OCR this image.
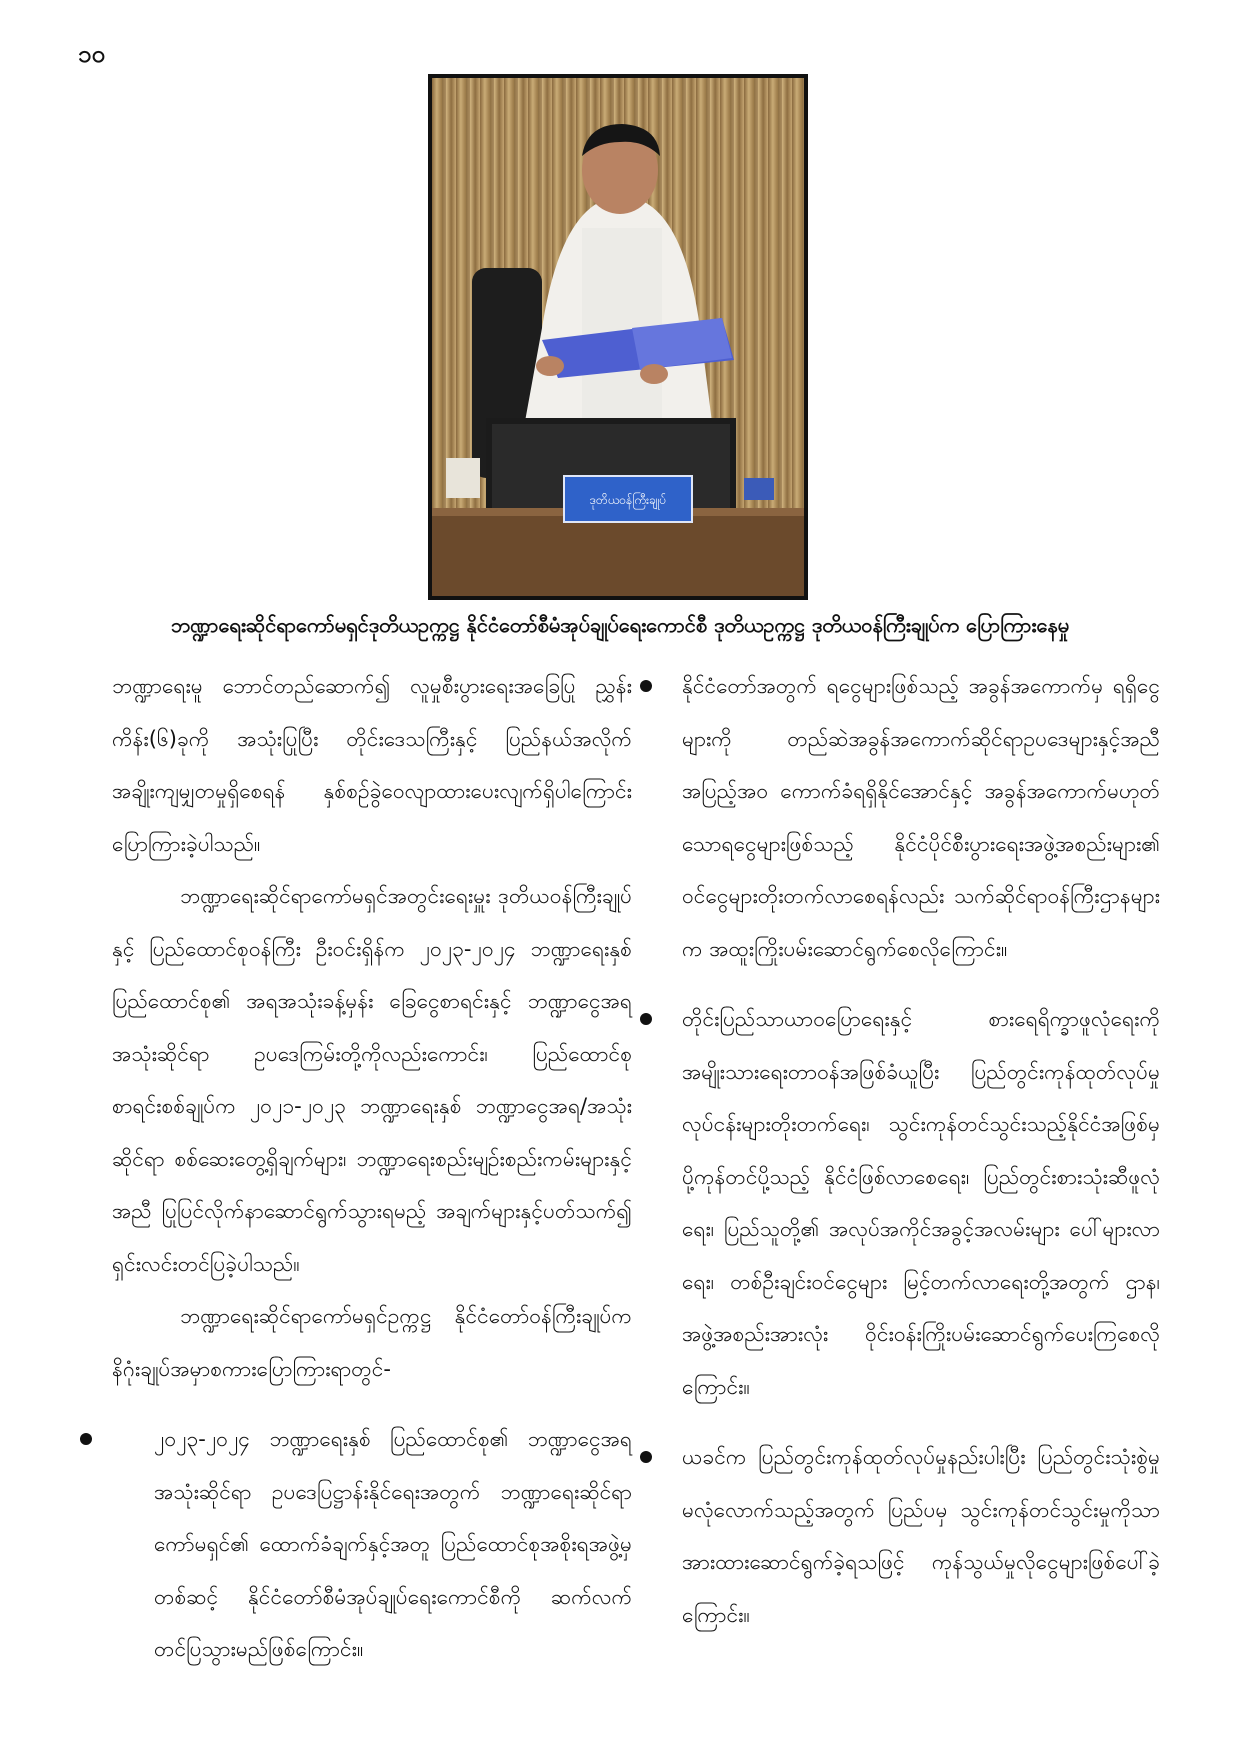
၁၀
ဒုတိယဝန်ကြီးချုပ်
ဘဏ္ဍာရေးဆိုင်ရာကော်မရှင်ဒုတိယဥက္ကဋ္ဌ နိုင်ငံတော်စီမံအုပ်ချုပ်ရေးကောင်စီ ဒုတိယဥက္ကဋ္ဌ ဒုတိယဝန်ကြီးချုပ်က ပြောကြားနေမှု

ဘဏ္ဍာရေးမူ ဘောင်တည်ဆောက်၍ လူမှုစီးပွားရေးအခြေပြု ညွှန်းကိန်း(၆)ခုကို အသုံးပြုပြီး တိုင်းဒေသကြီးနှင့် ပြည်နယ်အလိုက် အချိုးကျမျှတမှုရှိစေရန် နှစ်စဉ်ခွဲဝေလျာထားပေးလျက်ရှိပါကြောင်း ပြောကြားခဲ့ပါသည်။

ဘဏ္ဍာရေးဆိုင်ရာကော်မရှင်အတွင်းရေးမှူး ဒုတိယဝန်ကြီးချုပ်နှင့် ပြည်ထောင်စုဝန်ကြီး ဦးဝင်းရှိန်က ၂၀၂၃-၂၀၂၄ ဘဏ္ဍာရေးနှစ် ပြည်ထောင်စု၏ အရအသုံးခန့်မှန်း ခြေငွေစာရင်းနှင့် ဘဏ္ဍာငွေအရအသုံးဆိုင်ရာ ဥပဒေကြမ်းတို့ကိုလည်းကောင်း၊ ပြည်ထောင်စုစာရင်းစစ်ချုပ်က ၂၀၂၁-၂၀၂၃ ဘဏ္ဍာရေးနှစ် ဘဏ္ဍာငွေအရ/အသုံးဆိုင်ရာ စစ်ဆေးတွေ့ရှိချက်များ၊ ဘဏ္ဍာရေးစည်းမျဉ်းစည်းကမ်းများနှင့်အညီ ပြုပြင်လိုက်နာဆောင်ရွက်သွားရမည့် အချက်များနှင့်ပတ်သက်၍ ရှင်းလင်းတင်ပြခဲ့ပါသည်။

ဘဏ္ဍာရေးဆိုင်ရာကော်မရှင်ဥက္ကဋ္ဌ နိုင်ငံတော်ဝန်ကြီးချုပ်က နိဂုံးချုပ်အမှာစကားပြောကြားရာတွင်-

၂၀၂၃-၂၀၂၄ ဘဏ္ဍာရေးနှစ် ပြည်ထောင်စု၏ ဘဏ္ဍာငွေအရအသုံးဆိုင်ရာ ဥပဒေပြဋ္ဌာန်းနိုင်ရေးအတွက် ဘဏ္ဍာရေးဆိုင်ရာကော်မရှင်၏ ထောက်ခံချက်နှင့်အတူ ပြည်ထောင်စုအစိုးရအဖွဲ့မှတစ်ဆင့် နိုင်ငံတော်စီမံအုပ်ချုပ်ရေးကောင်စီကို ဆက်လက်တင်ပြသွားမည်ဖြစ်ကြောင်း။

နိုင်ငံတော်အတွက် ရငွေများဖြစ်သည့် အခွန်အကောက်မှ ရရှိငွေများကို တည်ဆဲအခွန်အကောက်ဆိုင်ရာဥပဒေများနှင့်အညီ အပြည့်အဝ ကောက်ခံရရှိနိုင်အောင်နှင့် အခွန်အကောက်မဟုတ်သောရငွေများဖြစ်သည့် နိုင်ငံပိုင်စီးပွားရေးအဖွဲ့အစည်းများ၏ ဝင်ငွေများတိုးတက်လာစေရန်လည်း သက်ဆိုင်ရာဝန်ကြီးဌာနများက အထူးကြိုးပမ်းဆောင်ရွက်စေလိုကြောင်း။

တိုင်းပြည်သာယာဝပြောရေးနှင့် စားရေရိက္ခာဖူလုံရေးကို အမျိုးသားရေးတာဝန်အဖြစ်ခံယူပြီး ပြည်တွင်းကုန်ထုတ်လုပ်မှုလုပ်ငန်းများတိုးတက်ရေး၊ သွင်းကုန်တင်သွင်းသည့်နိုင်ငံအဖြစ်မှ ပို့ကုန်တင်ပို့သည့် နိုင်ငံဖြစ်လာစေရေး၊ ပြည်တွင်းစားသုံးဆီဖူလုံရေး၊ ပြည်သူတို့၏ အလုပ်အကိုင်အခွင့်အလမ်းများ ပေါ်များလာရေး၊ တစ်ဦးချင်းဝင်ငွေများ မြင့်တက်လာရေးတို့အတွက် ဌာန၊ အဖွဲ့အစည်းအားလုံး ဝိုင်းဝန်းကြိုးပမ်းဆောင်ရွက်ပေးကြစေလိုကြောင်း။

ယခင်က ပြည်တွင်းကုန်ထုတ်လုပ်မှုနည်းပါးပြီး ပြည်တွင်းသုံးစွဲမှု မလုံလောက်သည့်အတွက် ပြည်ပမှ သွင်းကုန်တင်သွင်းမှုကိုသာ အားထားဆောင်ရွက်ခဲ့ရသဖြင့် ကုန်သွယ်မှုလိုငွေများဖြစ်ပေါ်ခဲ့ကြောင်း။
